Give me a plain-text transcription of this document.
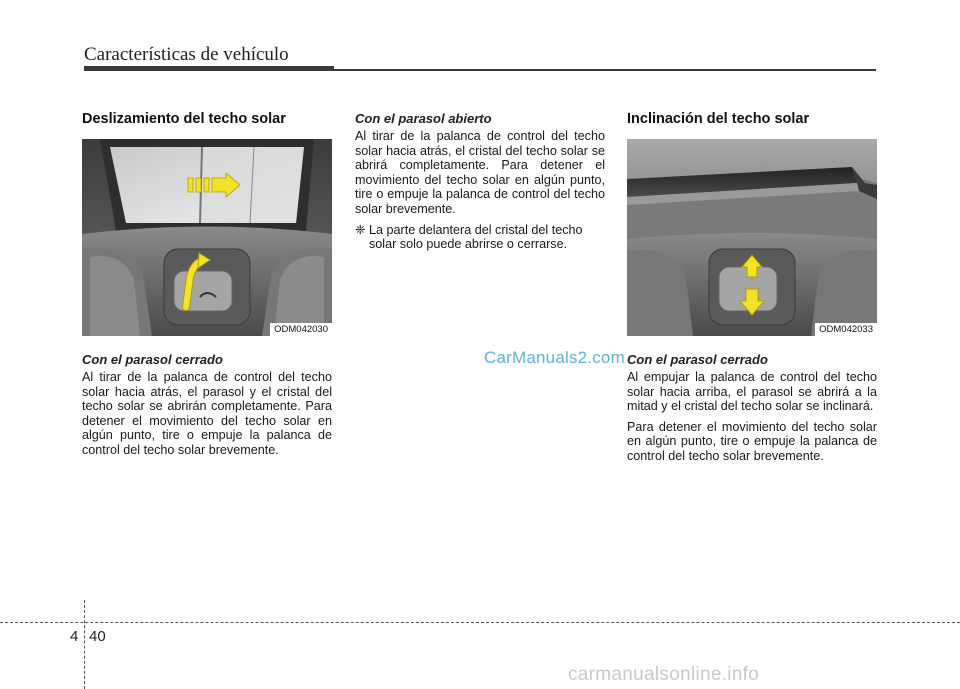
Características de vehículo
Deslizamiento del techo solar
ODM042030
Con el parasol cerrado

Al tirar de la palanca de control del techo solar hacia atrás, el parasol y el cristal del techo solar se abrirán completamente. Para detener el movimiento del techo solar en algún punto, tire o empuje la palanca de control del techo solar brevemente.

Con el parasol abierto

Al tirar de la palanca de control del techo solar hacia atrás, el cristal del techo solar se abrirá completamente. Para detener el movimiento del techo solar en algún punto, tire o empuje la palanca de control del techo solar brevemente.

❈ La parte delantera del cristal del techo solar solo puede abrirse o cerrarse.
Inclinación del techo solar
ODM042033
Con el parasol cerrado

Al empujar la palanca de control del techo solar hacia arriba, el parasol se abrirá a la mitad y el cristal del techo solar se inclinará.

Para detener el movimiento del techo solar en algún punto, tire o empuje la palanca de control del techo solar brevemente.

CarManuals2.com
4 40
carmanualsonline.info
